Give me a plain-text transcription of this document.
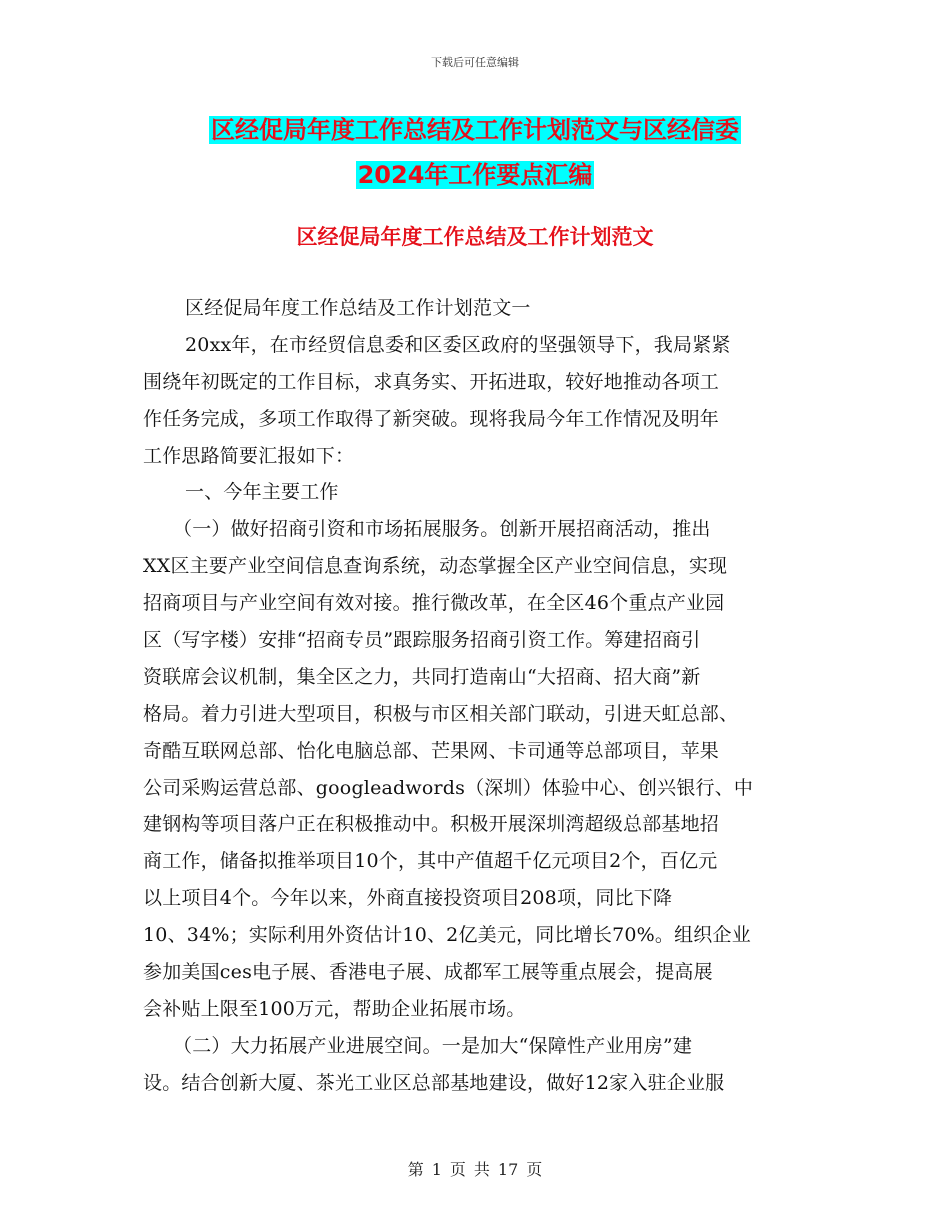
下载后可任意编辑
区经促局年度工作总结及工作计划范文与区经信委
2024年工作要点汇编
区经促局年度工作总结及工作计划范文
区经促局年度工作总结及工作计划范文一
20xx年，在市经贸信息委和区委区政府的坚强领导下，我局紧紧
围绕年初既定的工作目标，求真务实、开拓进取，较好地推动各项工
作任务完成，多项工作取得了新突破。现将我局今年工作情况及明年
工作思路简要汇报如下：
一、今年主要工作
（一）做好招商引资和市场拓展服务。创新开展招商活动，推出
XX区主要产业空间信息查询系统，动态掌握全区产业空间信息，实现
招商项目与产业空间有效对接。推行微改革，在全区46个重点产业园
区（写字楼）安排“招商专员”跟踪服务招商引资工作。筹建招商引
资联席会议机制，集全区之力，共同打造南山“大招商、招大商”新
格局。着力引进大型项目，积极与市区相关部门联动，引进天虹总部、
奇酷互联网总部、怡化电脑总部、芒果网、卡司通等总部项目，苹果
公司采购运营总部、googleadwords（深圳）体验中心、创兴银行、中
建钢构等项目落户正在积极推动中。积极开展深圳湾超级总部基地招
商工作，储备拟推举项目10个，其中产值超千亿元项目2个，百亿元
以上项目4个。今年以来，外商直接投资项目208项，同比下降
10、34%；实际利用外资估计10、2亿美元，同比增长70%。组织企业
参加美国ces电子展、香港电子展、成都军工展等重点展会，提高展
会补贴上限至100万元，帮助企业拓展市场。
（二）大力拓展产业进展空间。一是加大“保障性产业用房”建
设。结合创新大厦、茶光工业区总部基地建设，做好12家入驻企业服
第 1 页 共 17 页
